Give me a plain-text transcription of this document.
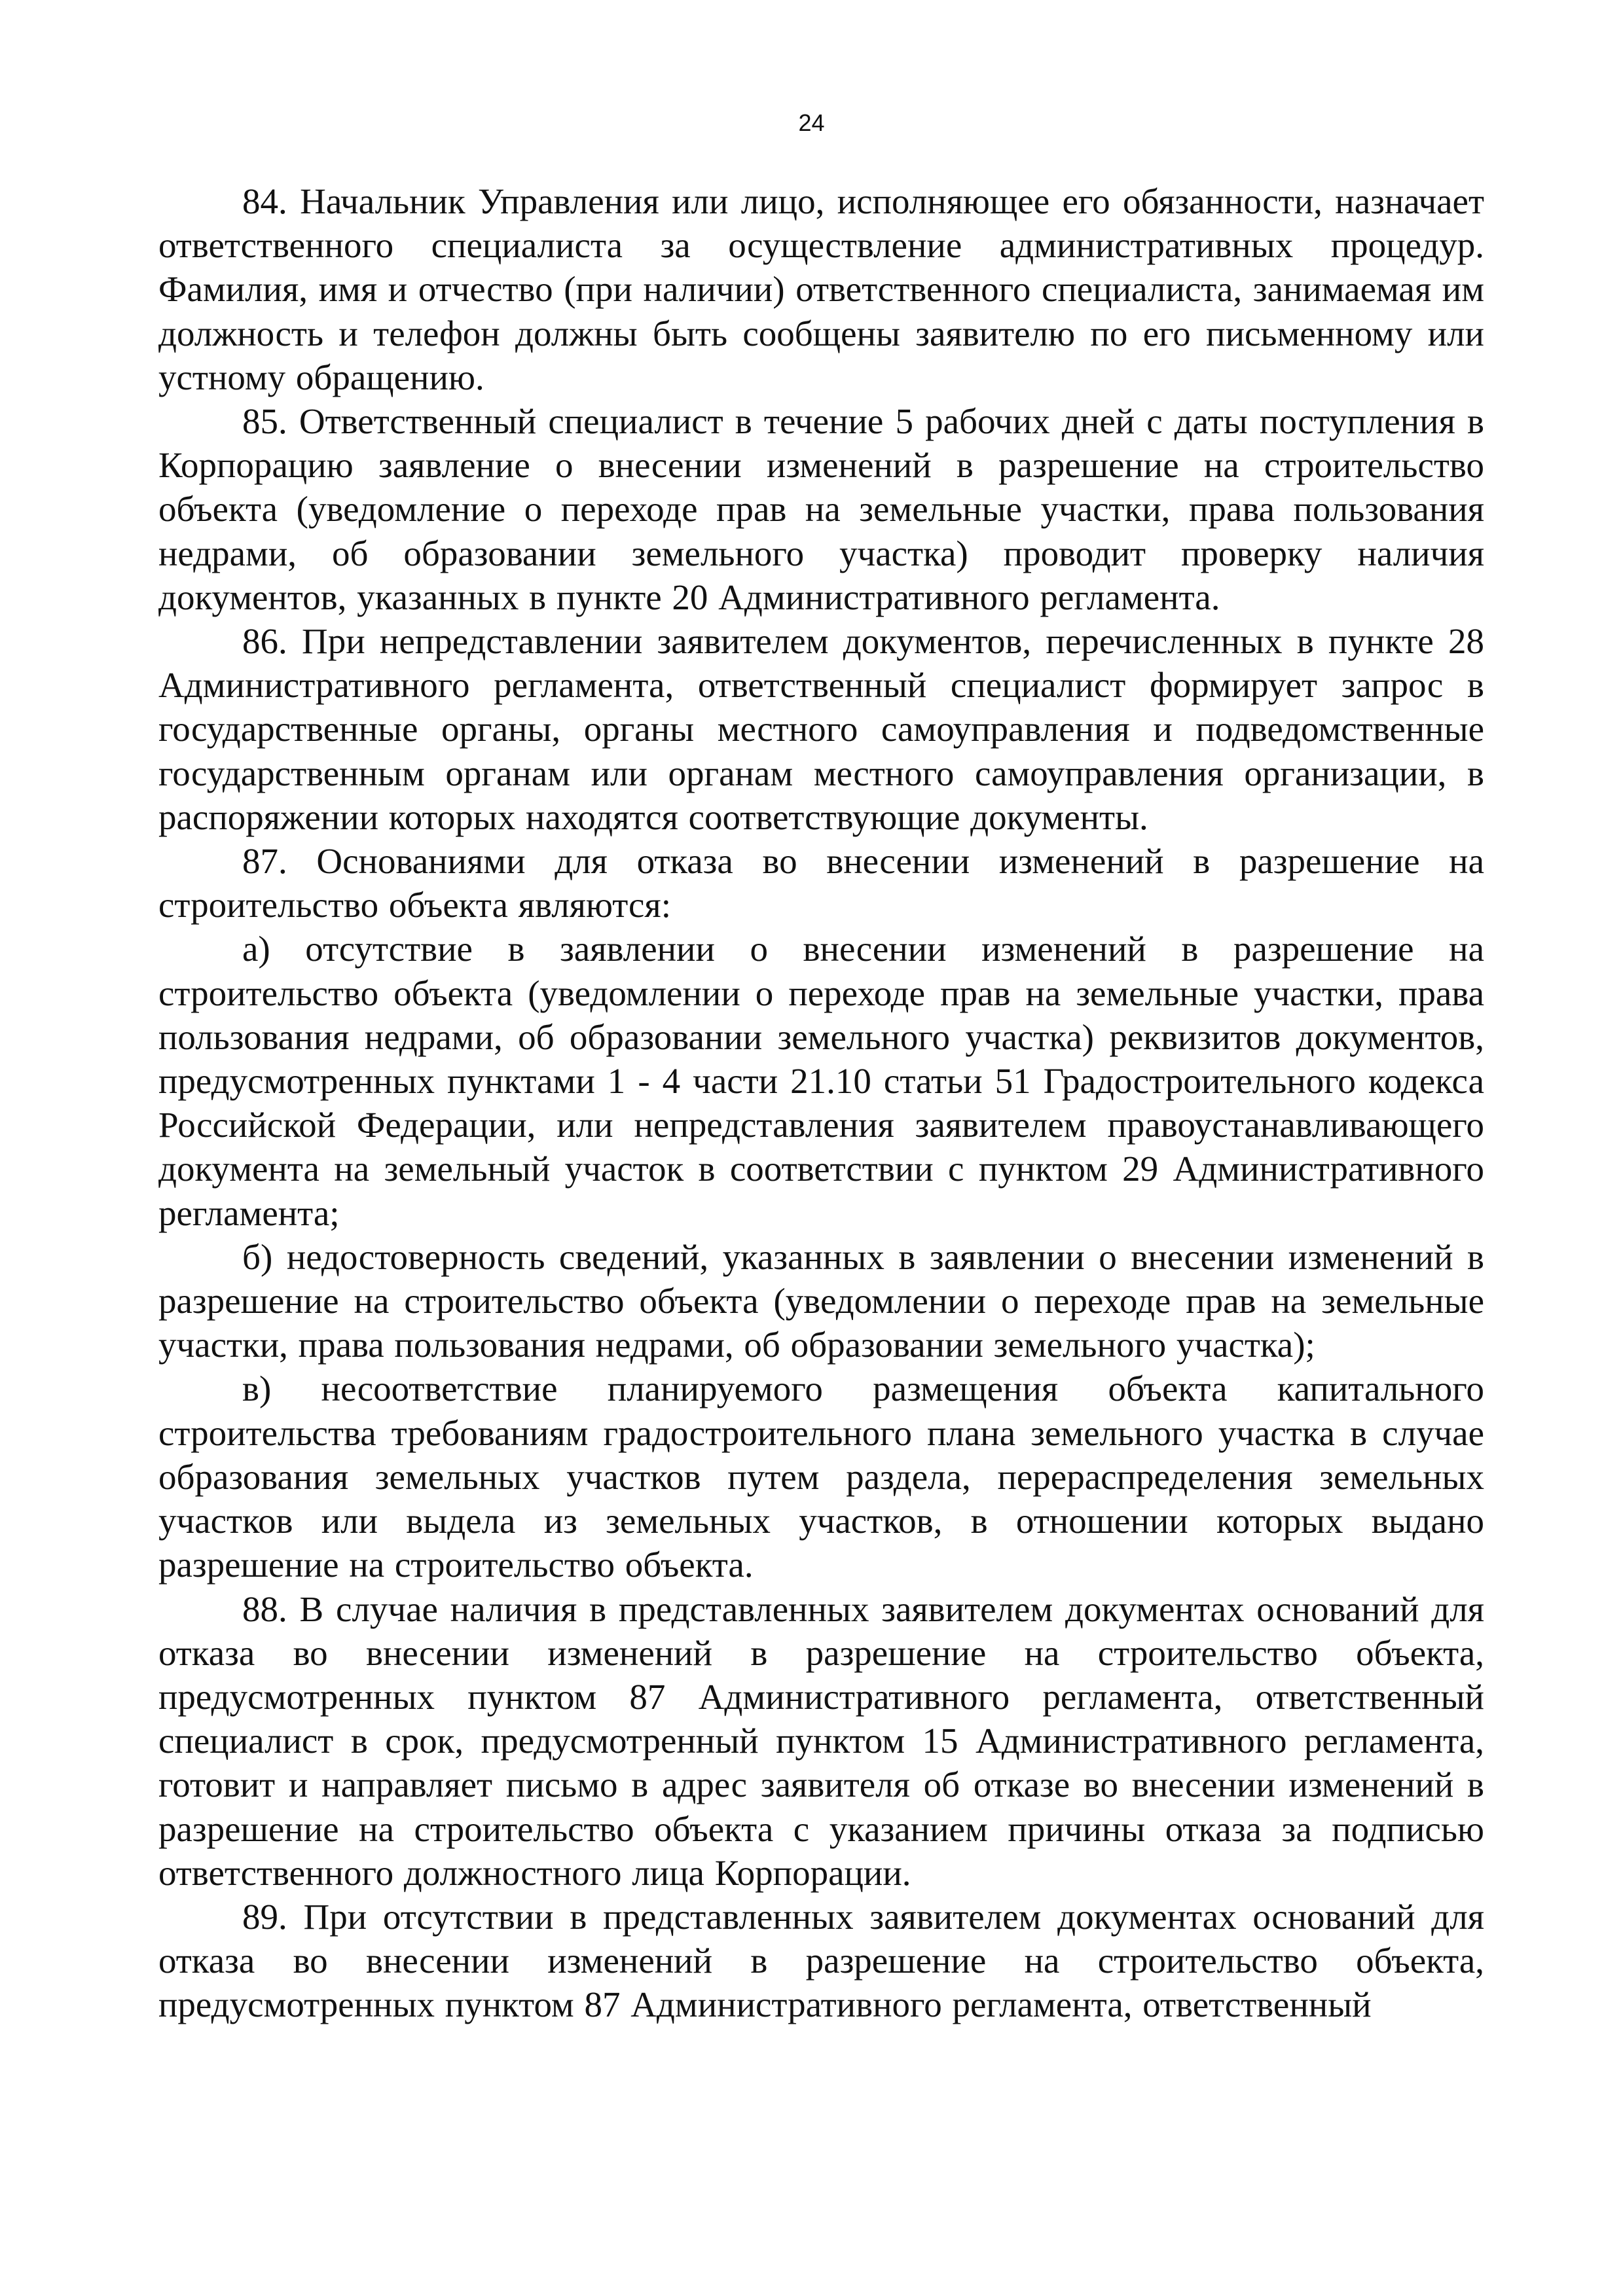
24

84. Начальник Управления или лицо, исполняющее его обязанности, назначает ответственного специалиста за осуществление административных процедур. Фамилия, имя и отчество (при наличии) ответственного специалиста, занимаемая им должность и телефон должны быть сообщены заявителю по его письменному или устному обращению.

85. Ответственный специалист в течение 5 рабочих дней с даты поступления в Корпорацию заявление о внесении изменений в разрешение на строительство объекта (уведомление о переходе прав на земельные участки, права пользования недрами, об образовании земельного участка) проводит проверку наличия документов, указанных в пункте 20 Административного регламента.

86. При непредставлении заявителем документов, перечисленных в пункте 28 Административного регламента, ответственный специалист формирует запрос в государственные органы, органы местного самоуправления и подведомственные государственным органам или органам местного самоуправления организации, в распоряжении которых находятся соответствующие документы.

87. Основаниями для отказа во внесении изменений в разрешение на строительство объекта являются:

а) отсутствие в заявлении о внесении изменений в разрешение на строительство объекта (уведомлении о переходе прав на земельные участки, права пользования недрами, об образовании земельного участка) реквизитов документов, предусмотренных пунктами 1 - 4 части 21.10 статьи 51 Градостроительного кодекса Российской Федерации, или непредставления заявителем правоустанавливающего документа на земельный участок в соответствии с пунктом 29 Административного регламента;

б) недостоверность сведений, указанных в заявлении о внесении изменений в разрешение на строительство объекта (уведомлении о переходе прав на земельные участки, права пользования недрами, об образовании земельного участка);

в) несоответствие планируемого размещения объекта капитального строительства требованиям градостроительного плана земельного участка в случае образования земельных участков путем раздела, перераспределения земельных участков или выдела из земельных участков, в отношении которых выдано разрешение на строительство объекта.

88. В случае наличия в представленных заявителем документах оснований для отказа во внесении изменений в разрешение на строительство объекта, предусмотренных пунктом 87 Административного регламента, ответственный специалист в срок, предусмотренный пунктом 15 Административного регламента, готовит и направляет письмо в адрес заявителя об отказе во внесении изменений в разрешение на строительство объекта с указанием причины отказа за подписью ответственного должностного лица Корпорации.

89. При отсутствии в представленных заявителем документах оснований для отказа во внесении изменений в разрешение на строительство объекта, предусмотренных пунктом 87 Административного регламента, ответственный
